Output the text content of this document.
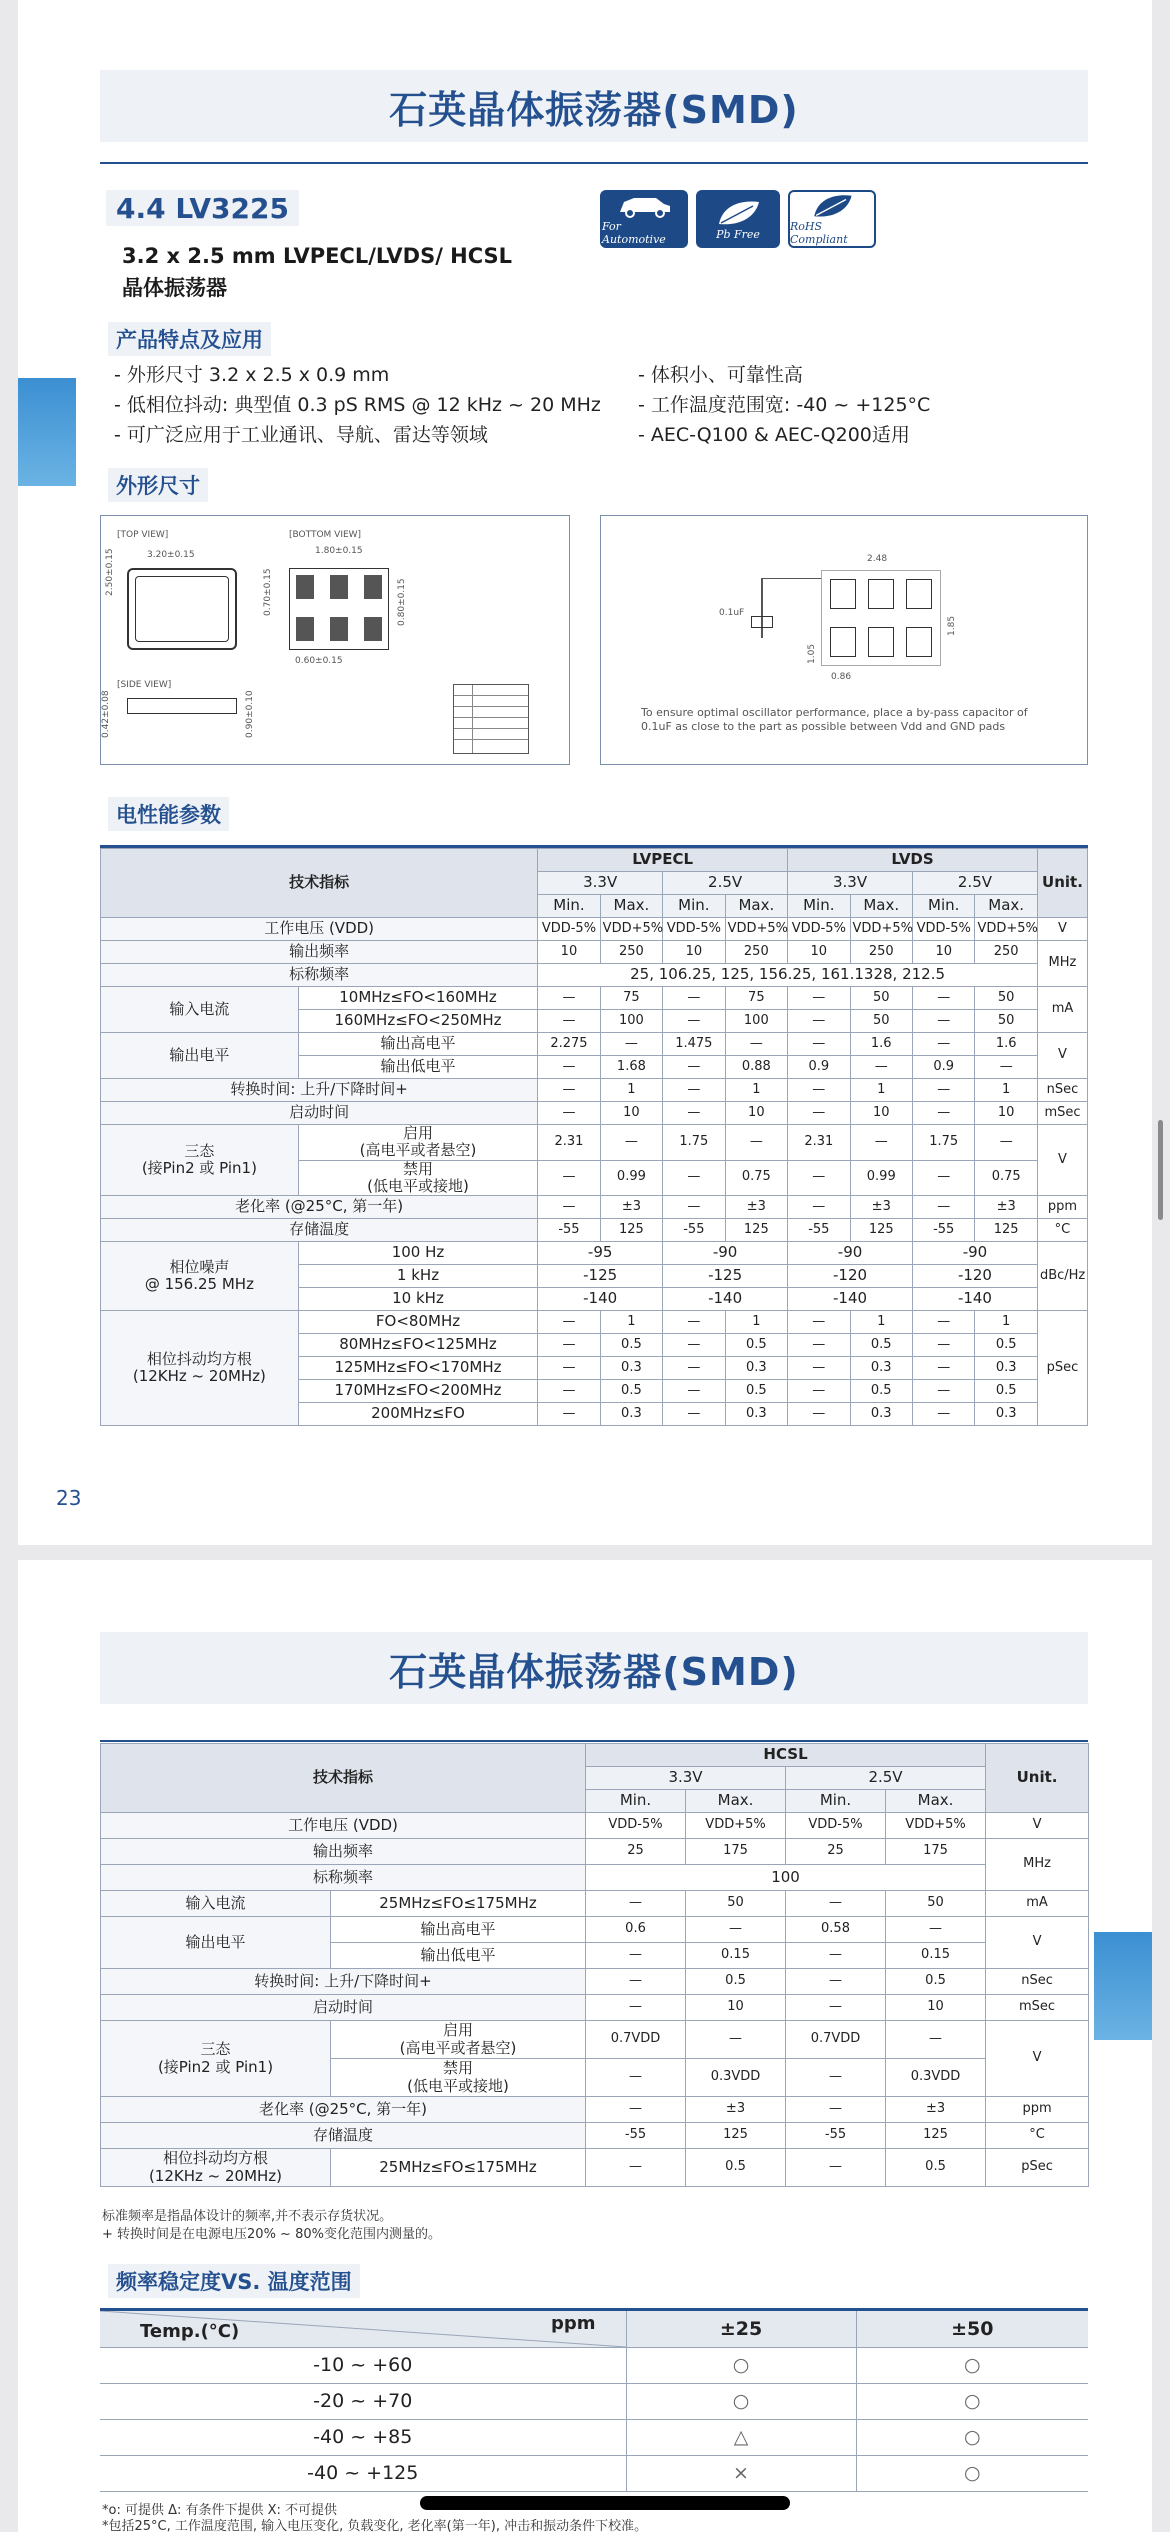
石英晶体振荡器(SMD)
4.4 LV3225
3.2 x 2.5 mm LVPECL/LVDS/ HCSL
晶体振荡器
For Automotive	Pb Free
RoHS Compliant
产品特点及应用
- 外形尺寸 3.2 x 2.5 x 0.9 mm
- 低相位抖动: 典型值 0.3 pS RMS @ 12 kHz ~ 20 MHz
- 可广泛应用于工业通讯、导航、雷达等领域
- 体积小、可靠性高
- 工作温度范围宽: -40 ~ +125°C
- AEC-Q100 & AEC-Q200适用
外形尺寸
[TOP VIEW]	[BOTTOM VIEW]
3.20±0.15
2.50±0.15	1.80±0.15
0.60±0.15
0.70±0.15	0.80±0.15
[SIDE VIEW]
0.42±0.08	0.90±0.10
2.48
0.1uF
1.85
1.05
0.86
To ensure optimal oscillator performance, place a by-pass capacitor of 0.1uF as close to the part as possible between Vdd and GND pads
电性能参数
技术指标		LVPECL				LVDS				Unit.
		3.3V		2.5V		3.3V		2.5V		
		Min.	Max.	Min.	Max.	Min.	Max.	Min.	Max.	
工作电压 (VDD)		VDD-5%	VDD+5%	VDD-5%	VDD+5%	VDD-5%	VDD+5%	VDD-5%	VDD+5%	V
输出频率		10	250	10	250	10	250	10	250	MHz
标称频率		25, 106.25, 125, 156.25, 161.1328, 212.5								
输入电流	10MHz≤FO<160MHz	—	75	—	75	—	50	—	50	mA
	160MHz≤FO<250MHz	—	100	—	100	—	50	—	50	
输出电平	输出高电平	2.275	—	1.475	—	—	1.6	—	1.6	V
	输出低电平	—	1.68	—	0.88	0.9	—	0.9	—	
转换时间: 上升/下降时间+		—	1	—	1	—	1	—	1	nSec
启动时间		—	10	—	10	—	10	—	10	mSec
三态
(接Pin2 或 Pin1)	启用
(高电平或者悬空)	2.31	—	1.75	—	2.31	—	1.75	—	V
	禁用
(低电平或接地)	—	0.99	—	0.75	—	0.99	—	0.75	
老化率 (@25°C, 第一年)		—	±3	—	±3	—	±3	—	±3	ppm
存储温度		-55	125	-55	125	-55	125	-55	125	°C
相位噪声
@ 156.25 MHz	100 Hz	-95		-90		-90		-90		dBc/Hz
	1 kHz	-125		-125		-120		-120		
	10 kHz	-140		-140		-140		-140		
相位抖动均方根
(12KHz ~ 20MHz)	FO<80MHz	—	1	—	1	—	1	—	1	pSec
	80MHz≤FO<125MHz	—	0.5	—	0.5	—	0.5	—	0.5	
	125MHz≤FO<170MHz	—	0.3	—	0.3	—	0.3	—	0.3	
	170MHz≤FO<200MHz	—	0.5	—	0.5	—	0.5	—	0.5	
	200MHz≤FO	—	0.3	—	0.3	—	0.3	—	0.3	
23
石英晶体振荡器(SMD)
技术指标		HCSL				Unit.
		3.3V		2.5V		
		Min.	Max.	Min.	Max.	
工作电压 (VDD)		VDD-5%	VDD+5%	VDD-5%	VDD+5%	V
输出频率		25	175	25	175	MHz
标称频率		100				
输入电流	25MHz≤FO≤175MHz	—	50	—	50	mA
输出电平	输出高电平	0.6	—	0.58	—	V
	输出低电平	—	0.15	—	0.15	
转换时间: 上升/下降时间+		—	0.5	—	0.5	nSec
启动时间		—	10	—	10	mSec
三态
(接Pin2 或 Pin1)	启用
(高电平或者悬空)	0.7VDD	—	0.7VDD	—	V
	禁用
(低电平或接地)	—	0.3VDD	—	0.3VDD	
老化率 (@25°C, 第一年)		—	±3	—	±3	ppm
存储温度		-55	125	-55	125	°C
相位抖动均方根
(12KHz ~ 20MHz)	25MHz≤FO≤175MHz	—	0.5	—	0.5	pSec
标准频率是指晶体设计的频率,并不表示存货状况。
+ 转换时间是在电源电压20% ~ 80%变化范围内测量的。
频率稳定度VS. 温度范围
Temp.(°C) ppm	±25	±50
-10 ~ +60	○	○
-20 ~ +70	○	○
-40 ~ +85	△	○
-40 ~ +125	×	○
*o: 可提供 Δ: 有条件下提供 X: 不可提供
*包括25°C, 工作温度范围, 输入电压变化, 负载变化, 老化率(第一年), 冲击和振动条件下校准。
